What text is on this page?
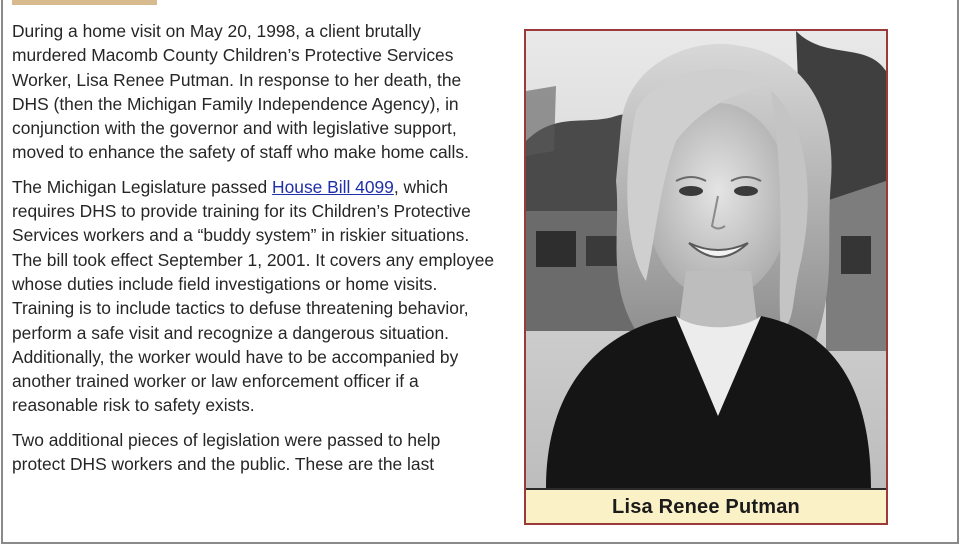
During a home visit on May 20, 1998, a client brutally murdered Macomb County Children’s Protective Services Worker, Lisa Renee Putman. In response to her death, the DHS (then the Michigan Family Independence Agency), in conjunction with the governor and with legislative support, moved to enhance the safety of staff who make home calls.

The Michigan Legislature passed House Bill 4099, which requires DHS to provide training for its Children’s Protective Services workers and a “buddy system” in riskier situations. The bill took effect September 1, 2001. It covers any employee whose duties include field investigations or home visits. Training is to include tactics to defuse threatening behavior, perform a safe visit and recognize a dangerous situation. Additionally, the worker would have to be accompanied by another trained worker or law enforcement officer if a reasonable risk to safety exists.

Two additional pieces of legislation were passed to help protect DHS workers and the public. These are the last

Lisa Renee Putman
